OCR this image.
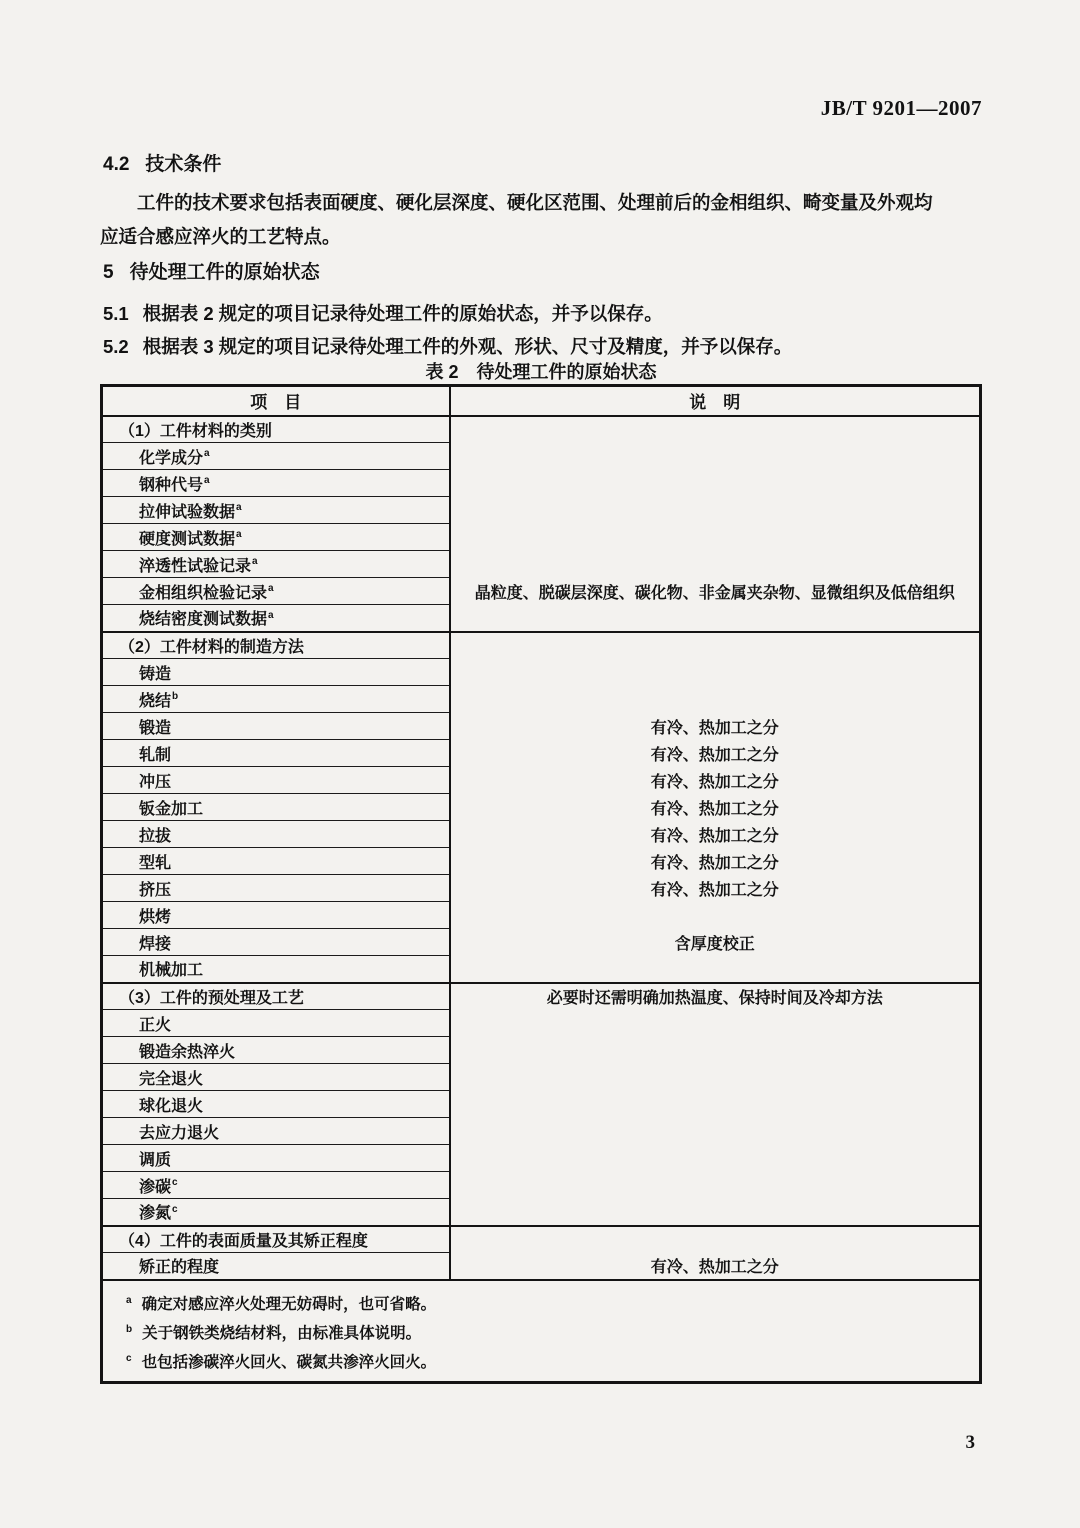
JB/T 9201—2007
4.2 技术条件
工件的技术要求包括表面硬度、硬化层深度、硬化区范围、处理前后的金相组织、畸变量及外观均
应适合感应淬火的工艺特点。
5 待处理工件的原始状态
5.1 根据表 2 规定的项目记录待处理工件的原始状态，并予以保存。
5.2 根据表 3 规定的项目记录待处理工件的外观、形状、尺寸及精度，并予以保存。
表 2　待处理工件的原始状态
项　目	说　明
（1）工件材料的类别	
化学成分$^a$	
钢种代号$^a$	
拉伸试验数据$^a$	
硬度测试数据$^a$	
淬透性试验记录$^a$	
金相组织检验记录$^a$	晶粒度、脱碳层深度、碳化物、非金属夹杂物、显微组织及低倍组织
烧结密度测试数据$^a$	
（2）工件材料的制造方法	
铸造	
烧结$^b$	
锻造	有冷、热加工之分
轧制	有冷、热加工之分
冲压	有冷、热加工之分
钣金加工	有冷、热加工之分
拉拔	有冷、热加工之分
型轧	有冷、热加工之分
挤压	有冷、热加工之分
烘烤	
焊接	含厚度校正
机械加工	
（3）工件的预处理及工艺	必要时还需明确加热温度、保持时间及冷却方法
正火	
锻造余热淬火	
完全退火	
球化退火	
去应力退火	
调质	
渗碳$^c$	
渗氮$^c$	
（4）工件的表面质量及其矫正程度	
矫正的程度	有冷、热加工之分

$^a$ 确定对感应淬火处理无妨碍时，也可省略。
$^b$ 关于钢铁类烧结材料，由标准具体说明。
$^c$ 也包括渗碳淬火回火、碳氮共渗淬火回火。	
3
